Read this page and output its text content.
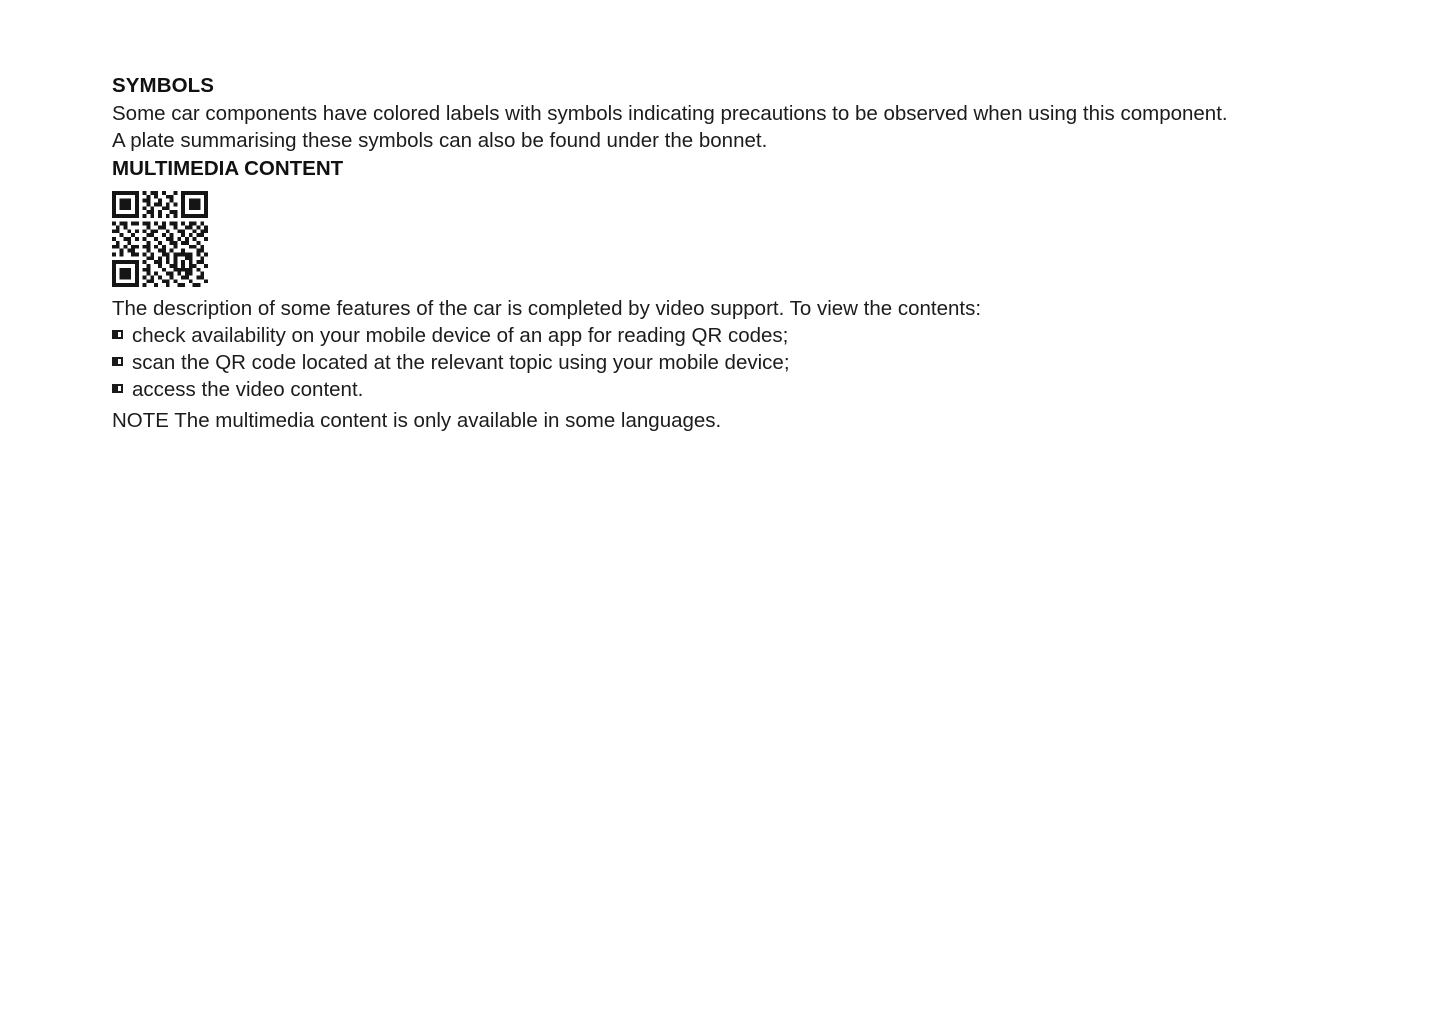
SYMBOLS

Some car components have colored labels with symbols indicating precautions to be observed when using this component.

A plate summarising these symbols can also be found under the bonnet.

MULTIMEDIA CONTENT

The description of some features of the car is completed by video support. To view the contents:

check availability on your mobile device of an app for reading QR codes;
scan the QR code located at the relevant topic using your mobile device;
access the video content.

NOTE The multimedia content is only available in some languages.
